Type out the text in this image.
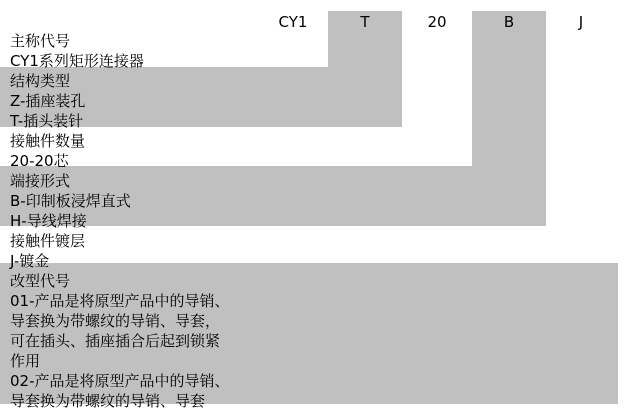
CY1	T	20	B	J
主称代号
CY1系列矩形连接器
结构类型
Z-插座装孔
T-插头装针
接触件数量
20-20芯
端接形式
B-印制板浸焊直式
H-导线焊接
接触件镀层
J-镀金
改型代号
01-产品是将原型产品中的导销、
导套换为带螺纹的导销、导套，
可在插头、插座插合后起到锁紧
作用
02-产品是将原型产品中的导销、
导套换为带螺纹的导销、导套
